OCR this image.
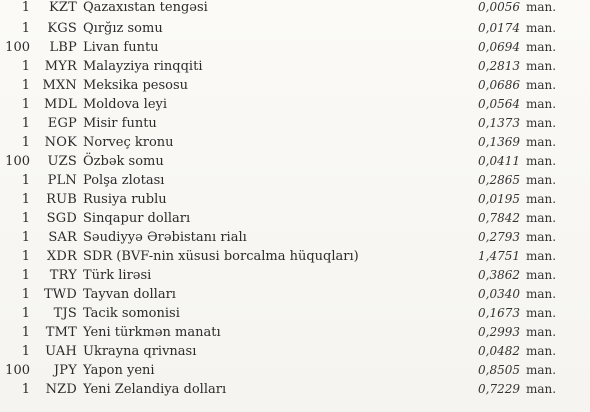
1	KZT Qazaxıstan tengəsi	0,0056 man.
1	KGS Qırğız somu	0,0174 man.
100	LBP Livan funtu	0,0694 man.
1	MYR Malayziya rinqqiti	0,2813 man.
1 MXN Meksika pesosu	0,0686 man.
1	MDL Moldova leyi	0,0564 man.
1	EGP Misir funtu	0,1373 man.
1	NOK Norveç kronu	0,1369 man.
100	UZS Özbək somu	0,0411 man.
1	PLN Polşa zlotası	0,2865 man.
1	RUB Rusiya rublu	0,0195 man.
1	SGD Sinqapur dolları	0,7842 man.
1	SAR Səudiyyə Ərəbistanı rialı	0,2793 man.
1	XDR SDR (BVF-nin xüsusi borcalma hüquqları)	1,4751 man.
1	TRY Türk lirəsi	0,3862 man.
1	TWD Tayvan dolları	0,0340 man.
1	TJS Tacik somonisi	0,1673 man.
1	TMT Yeni türkmən manatı	0,2993 man.
1	UAH Ukrayna qrivnası	0,0482 man.
100	JPY Yapon yeni	0,8505 man.
1	NZD Yeni Zelandiya dolları	0,7229 man.
